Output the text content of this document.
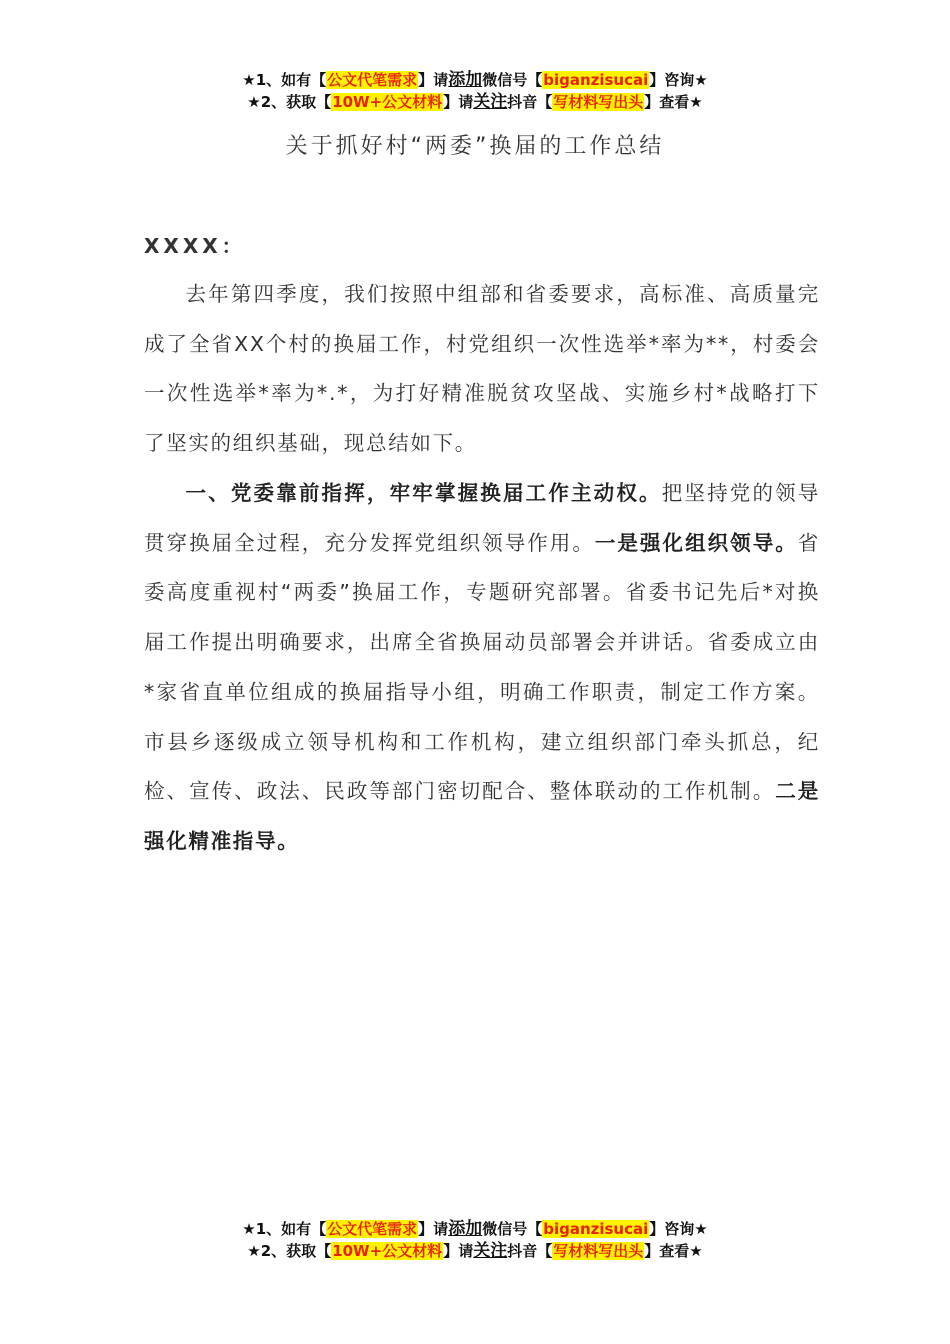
★1、如有【公文代笔需求】请添加微信号【biganzisucai】咨询★
★2、获取【10W+公文材料】请关注抖音【写材料写出头】查看★
关于抓好村“两委”换届的工作总结
XXXX：

去年第四季度，我们按照中组部和省委要求，高标准、高质量完成了全省XX个村的换届工作，村党组织一次性选举*率为**，村委会一次性选举*率为*.*，为打好精准脱贫攻坚战、实施乡村*战略打下了坚实的组织基础，现总结如下。

一、党委靠前指挥，牢牢掌握换届工作主动权。把坚持党的领导贯穿换届全过程，充分发挥党组织领导作用。一是强化组织领导。省委高度重视村“两委”换届工作，专题研究部署。省委书记先后*对换届工作提出明确要求，出席全省换届动员部署会并讲话。省委成立由*家省直单位组成的换届指导小组，明确工作职责，制定工作方案。市县乡逐级成立领导机构和工作机构，建立组织部门牵头抓总，纪检、宣传、政法、民政等部门密切配合、整体联动的工作机制。二是强化精准指导。

★1、如有【公文代笔需求】请添加微信号【biganzisucai】咨询★
★2、获取【10W+公文材料】请关注抖音【写材料写出头】查看★
